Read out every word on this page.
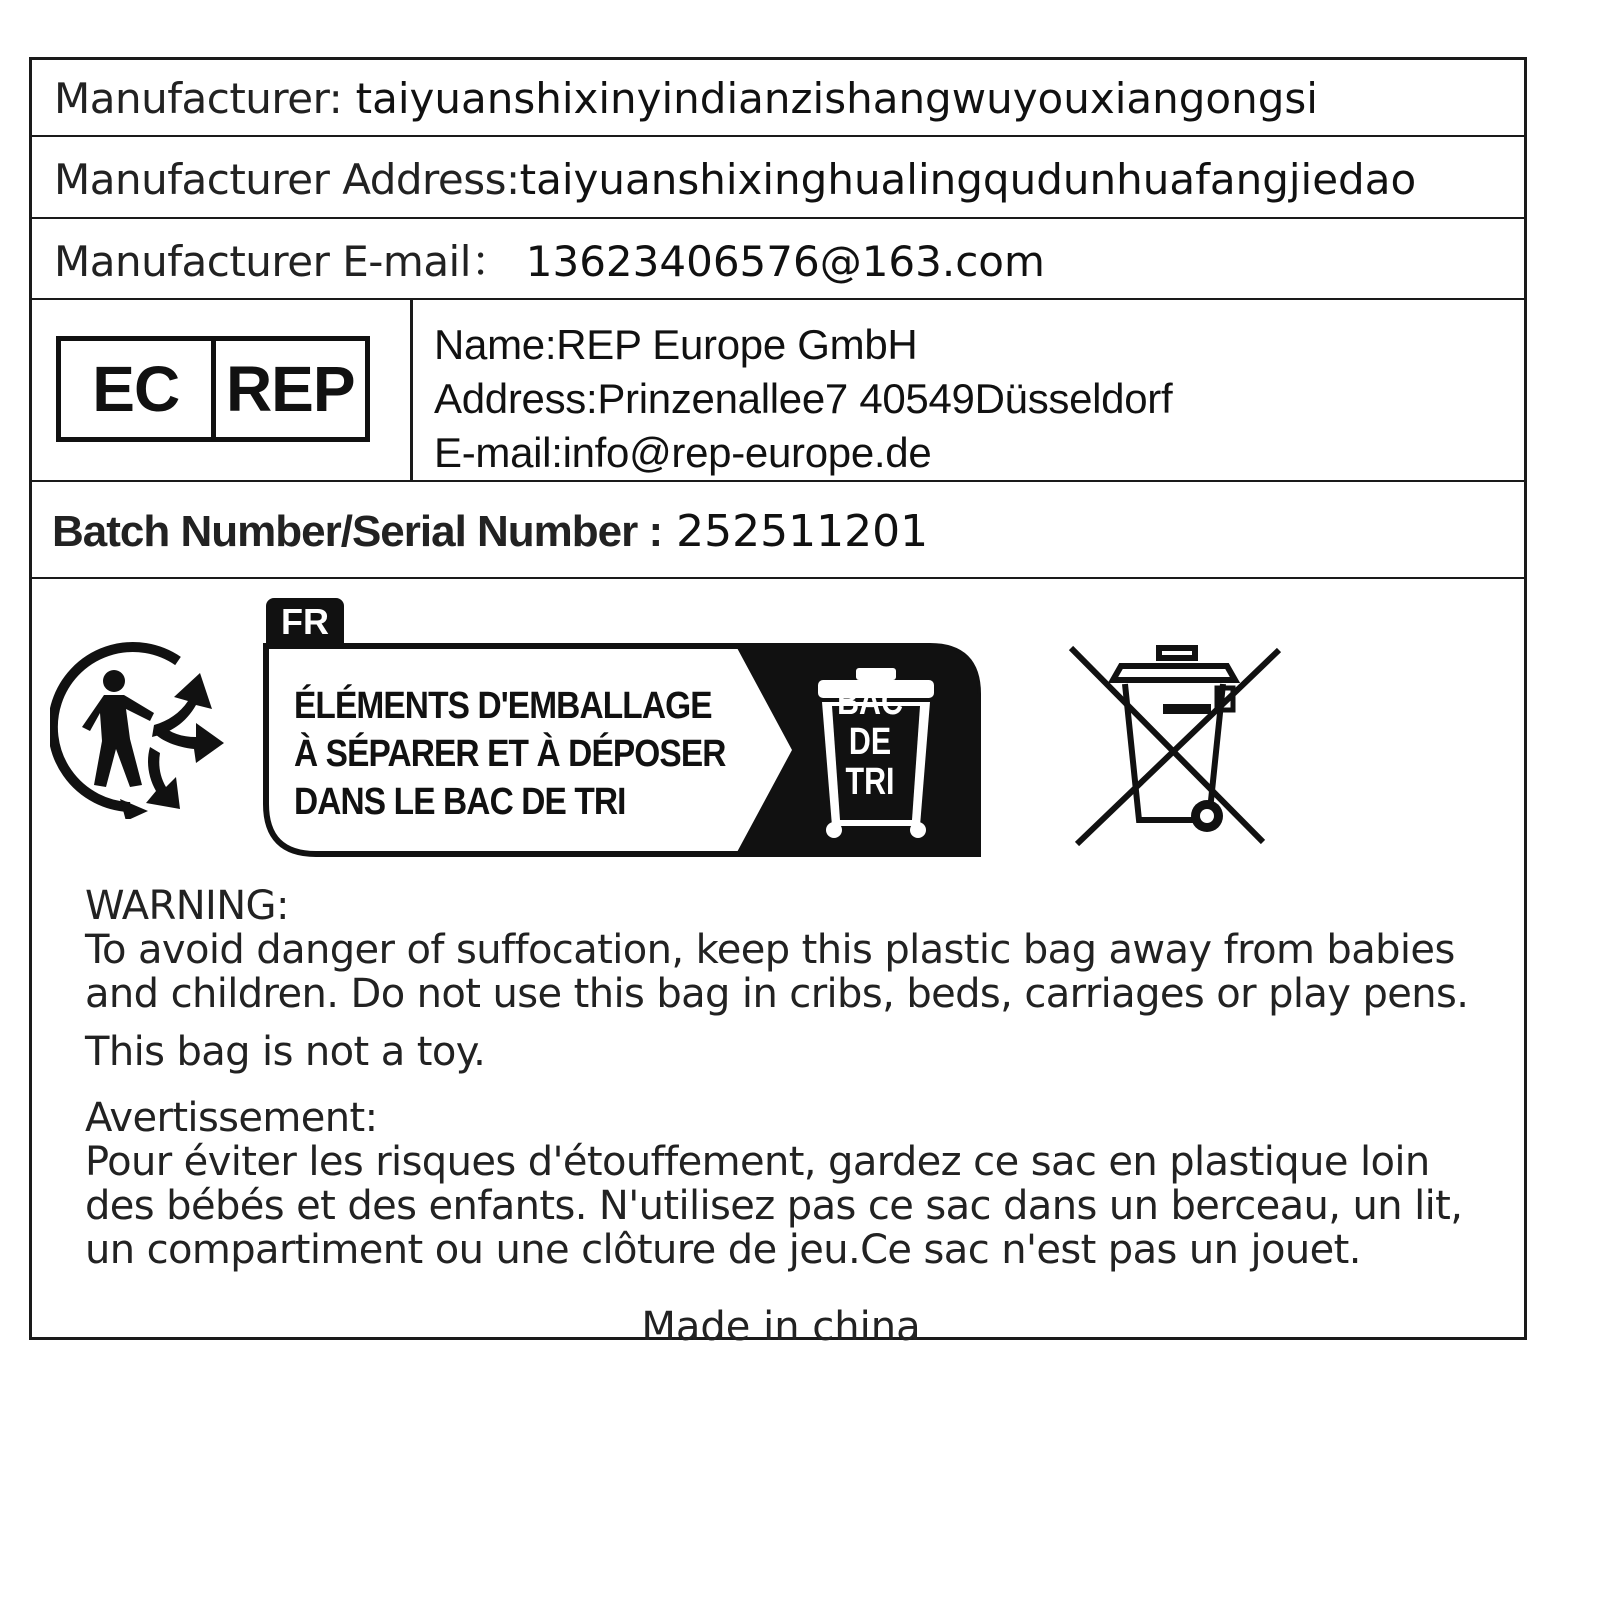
Manufacturer: taiyuanshixinyindianzishangwuyouxiangongsi
Manufacturer Address:taiyuanshixinghualingqudunhuafangjiedao
Manufacturer E-mail： 13623406576@163.com
EC REP
Name:REP Europe GmbH
Address:Prinzenallee7 40549Düsseldorf
E-mail:info@rep-europe.de
Batch Number/Serial Number : 252511201
FR
ÉLÉMENTS D'EMBALLAGE
À SÉPARER ET À DÉPOSER
DANS LE BAC DE TRI
BAC
DE
TRI
WARNING:
To avoid danger of suffocation, keep this plastic bag away from babies
and children. Do not use this bag in cribs, beds, carriages or play pens.
This bag is not a toy.
Avertissement:
Pour éviter les risques d'étouffement, gardez ce sac en plastique loin
des bébés et des enfants. N'utilisez pas ce sac dans un berceau, un lit,
un compartiment ou une clôture de jeu.Ce sac n'est pas un jouet.
Made in china
